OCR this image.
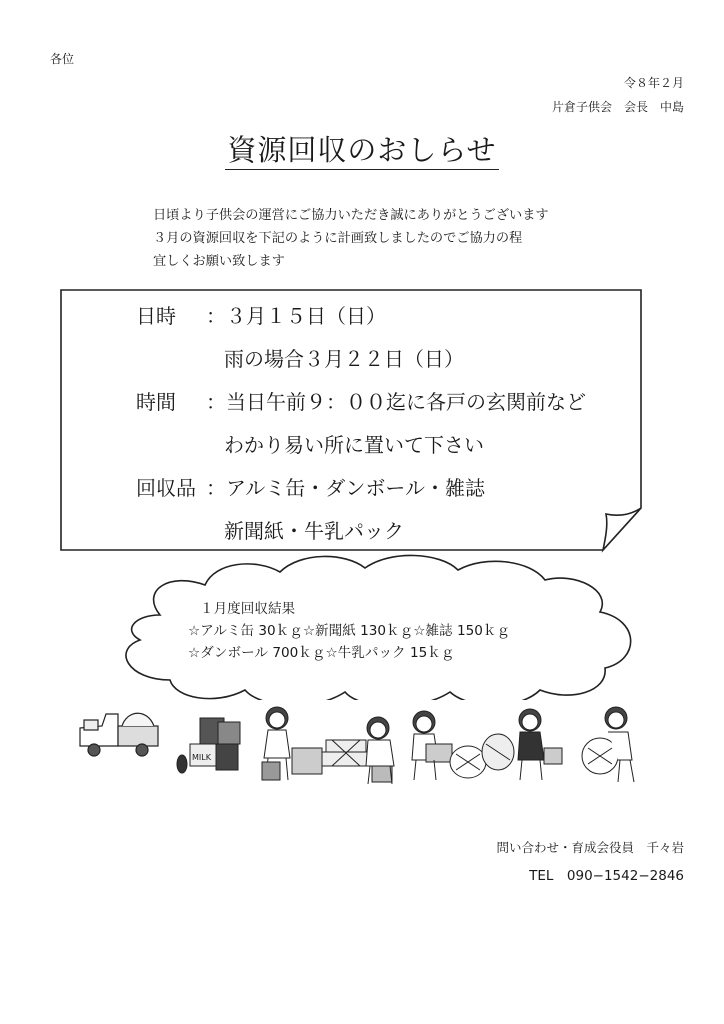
各位
令８年２月
片倉子供会　会長　中島
資源回収のおしらせ
日頃より子供会の運営にご協力いただき誠にありがとうございます
３月の資源回収を下記のように計画致しましたのでご協力の程
宜しくお願い致します
日時 ：３月１５日（日）
雨の場合３月２２日（日）
時間 ：当日午前９：００迄に各戸の玄関前など
わかり易い所に置いて下さい
回収品 ：アルミ缶・ダンボール・雑誌
新聞紙・牛乳パック
１月度回収結果
☆アルミ缶 30ｋｇ☆新聞紙 130ｋｇ☆雑誌 150ｋｇ
☆ダンボール 700ｋｇ☆牛乳パック 15ｋｇ
MILK
問い合わせ・育成会役員　千々岩
TEL　090−1542−2846
